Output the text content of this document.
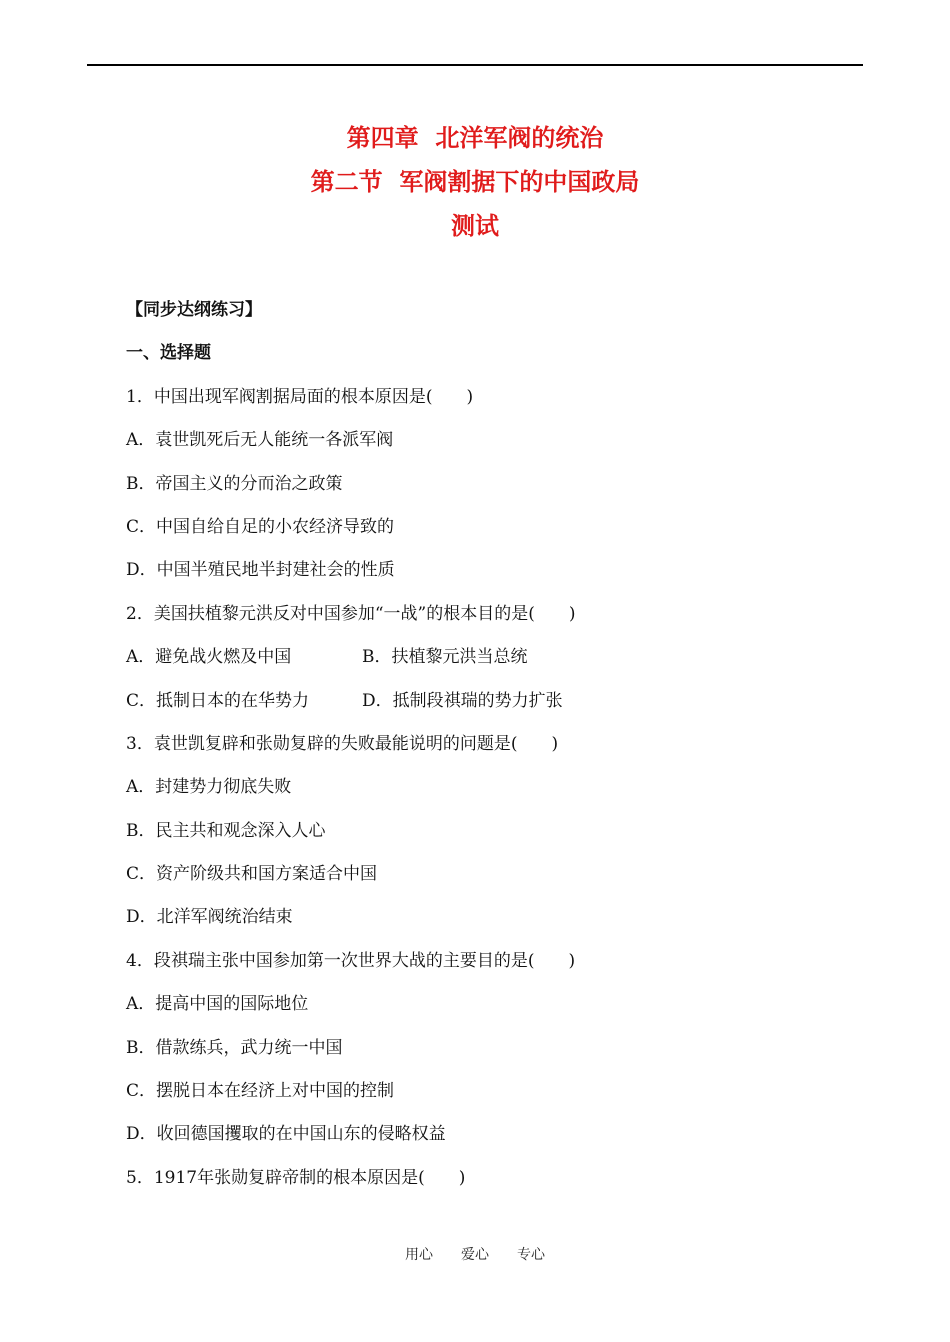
第四章  北洋军阀的统治
第二节  军阀割据下的中国政局
测试
【同步达纲练习】
一、选择题
1．中国出现军阀割据局面的根本原因是(　　)
A．袁世凯死后无人能统一各派军阀
B．帝国主义的分而治之政策
C．中国自给自足的小农经济导致的
D．中国半殖民地半封建社会的性质
2．美国扶植黎元洪反对中国参加“一战”的根本目的是(　　)
A．避免战火燃及中国	B．扶植黎元洪当总统
C．抵制日本的在华势力	D．抵制段祺瑞的势力扩张
3．袁世凯复辟和张勋复辟的失败最能说明的问题是(　　)
A．封建势力彻底失败
B．民主共和观念深入人心
C．资产阶级共和国方案适合中国
D．北洋军阀统治结束
4．段祺瑞主张中国参加第一次世界大战的主要目的是(　　)
A．提高中国的国际地位
B．借款练兵，武力统一中国
C．摆脱日本在经济上对中国的控制
D．收回德国攫取的在中国山东的侵略权益
5．1917年张勋复辟帝制的根本原因是(　　)
用心　　爱心　　专心
